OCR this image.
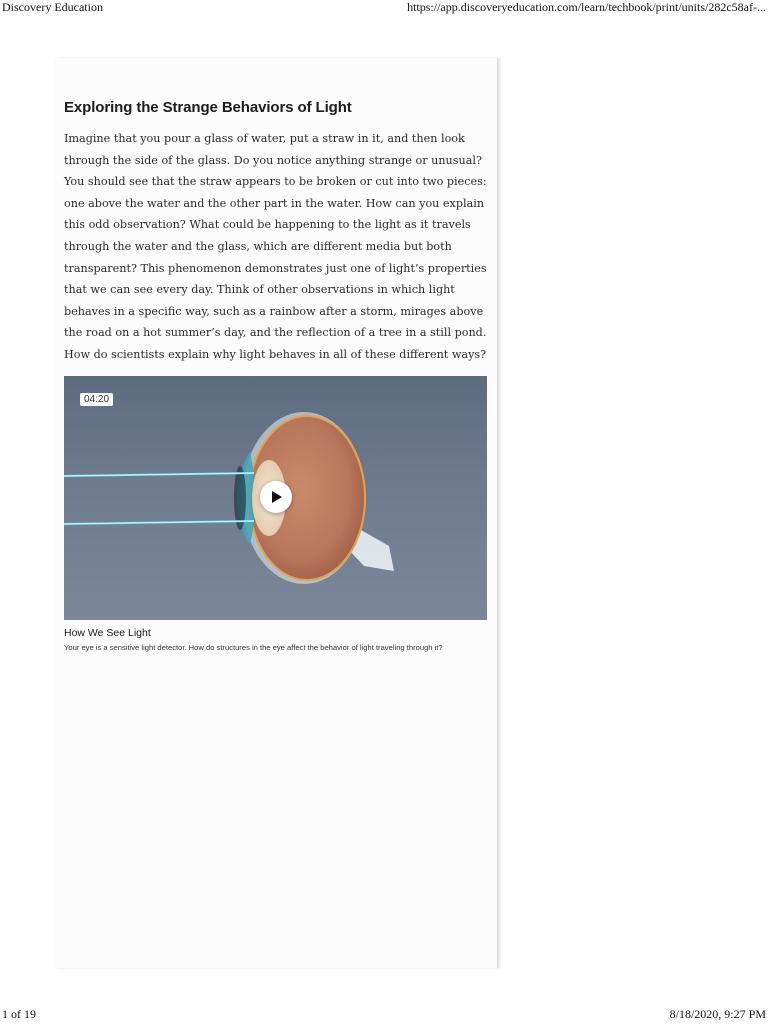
Discovery Education	https://app.discoveryeducation.com/learn/techbook/print/units/282c58af-...
Exploring the Strange Behaviors of Light

Imagine that you pour a glass of water, put a straw in it, and then look through the side of the glass. Do you notice anything strange or unusual? You should see that the straw appears to be broken or cut into two pieces: one above the water and the other part in the water. How can you explain this odd observation? What could be happening to the light as it travels through the water and the glass, which are different media but both transparent? This phenomenon demonstrates just one of light’s properties that we can see every day. Think of other observations in which light behaves in a specific way, such as a rainbow after a storm, mirages above the road on a hot summer’s day, and the reflection of a tree in a still pond. How do scientists explain why light behaves in all of these different ways?

04:20
How We See Light

Your eye is a sensitive light detector. How do structures in the eye affect the behavior of light traveling through it?

1 of 19	8/18/2020, 9:27 PM
